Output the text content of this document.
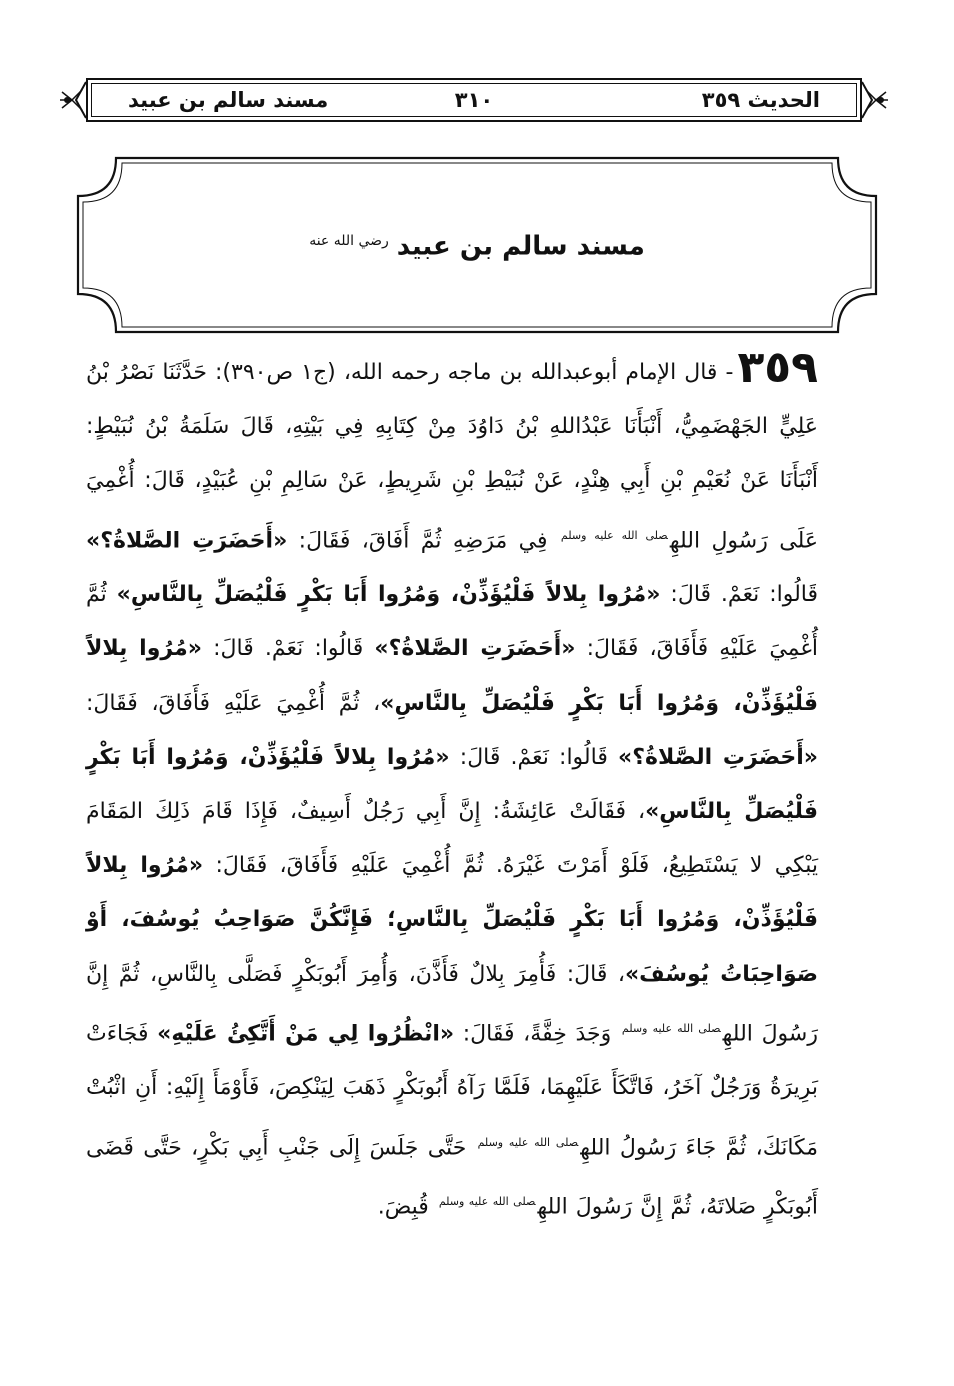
الحديث ٣٥٩
٣١٠
مسند سالم بن عبيد
مسند سالم بن عبيد$^{رضي الله عنه}$
٣٥٩- قال الإمام أبوعبدالله بن ماجه رحمه الله، (ج١ ص٣٩٠): حَدَّثَنَا نَصْرُ بْنُ عَلِيٍّ الجَهْضَمِيُّ، أَنْبَأَنَا عَبْدُاللهِ بْنُ دَاوُدَ مِنْ كِتَابِهِ فِي بَيْتِهِ، قَالَ سَلَمَةُ بْنُ نُبَيْطٍ: أَنْبَأَنَا عَنْ نُعَيْمِ بْنِ أَبِي هِنْدٍ، عَنْ نُبَيْطِ بْنِ شَرِيطٍ، عَنْ سَالِمِ بْنِ عُبَيْدٍ، قَالَ: أُغْمِيَ عَلَى رَسُولِ اللهِ$^{صلى الله عليه وسلم}$ فِي مَرَضِهِ ثُمَّ أَفَاقَ، فَقَالَ: «أَحَضَرَتِ الصَّلاةُ؟» قَالُوا: نَعَمْ. قَالَ: «مُرُوا بِلالاً فَلْيُؤَذِّنْ، وَمُرُوا أَبَا بَكْرٍ فَلْيُصَلِّ بِالنَّاسِ» ثُمَّ أُغْمِيَ عَلَيْهِ فَأَفَاقَ، فَقَالَ: «أَحَضَرَتِ الصَّلاةُ؟» قَالُوا: نَعَمْ. قَالَ: «مُرُوا بِلالاً فَلْيُؤَذِّنْ، وَمُرُوا أَبَا بَكْرٍ فَلْيُصَلِّ بِالنَّاسِ»، ثُمَّ أُغْمِيَ عَلَيْهِ فَأَفَاقَ، فَقَالَ: «أَحَضَرَتِ الصَّلاةُ؟» قَالُوا: نَعَمْ. قَالَ: «مُرُوا بِلالاً فَلْيُؤَذِّنْ، وَمُرُوا أَبَا بَكْرٍ فَلْيُصَلِّ بِالنَّاسِ»، فَقَالَتْ عَائِشَةُ: إِنَّ أَبِي رَجُلٌ أَسِيفٌ، فَإِذَا قَامَ ذَلِكَ المَقَامَ يَبْكِي لا يَسْتَطِيعُ، فَلَوْ أَمَرْتَ غَيْرَهُ. ثُمَّ أُغْمِيَ عَلَيْهِ فَأَفَاقَ، فَقَالَ: «مُرُوا بِلالاً فَلْيُؤَذِّنْ، وَمُرُوا أَبَا بَكْرٍ فَلْيُصَلِّ بِالنَّاسِ؛ فَإِنَّكُنَّ صَوَاحِبُ يُوسُفَ، أَوْ صَوَاحِبَاتُ يُوسُفَ»، قَالَ: فَأُمِرَ بِلالٌ فَأَذَّنَ، وَأُمِرَ أَبُوبَكْرٍ فَصَلَّى بِالنَّاسِ، ثُمَّ إِنَّ رَسُولَ اللهِ$^{صلى الله عليه وسلم}$ وَجَدَ خِفَّةً، فَقَالَ: «انْظُرُوا لِي مَنْ أَتَّكِئُ عَلَيْهِ» فَجَاءَتْ بَرِيرَةُ وَرَجُلٌ آخَرُ، فَاتَّكَأَ عَلَيْهِمَا، فَلَمَّا رَآهُ أَبُوبَكْرٍ ذَهَبَ لِيَنْكِصَ، فَأَوْمَأَ إِلَيْهِ: أَنِ اثْبُتْ مَكَانَكَ، ثُمَّ جَاءَ رَسُولُ اللهِ$^{صلى الله عليه وسلم}$ حَتَّى جَلَسَ إِلَى جَنْبِ أَبِي بَكْرٍ، حَتَّى قَضَى أَبُوبَكْرٍ صَلاتَهُ، ثُمَّ إِنَّ رَسُولَ اللهِ$^{صلى الله عليه وسلم}$ قُبِضَ.
